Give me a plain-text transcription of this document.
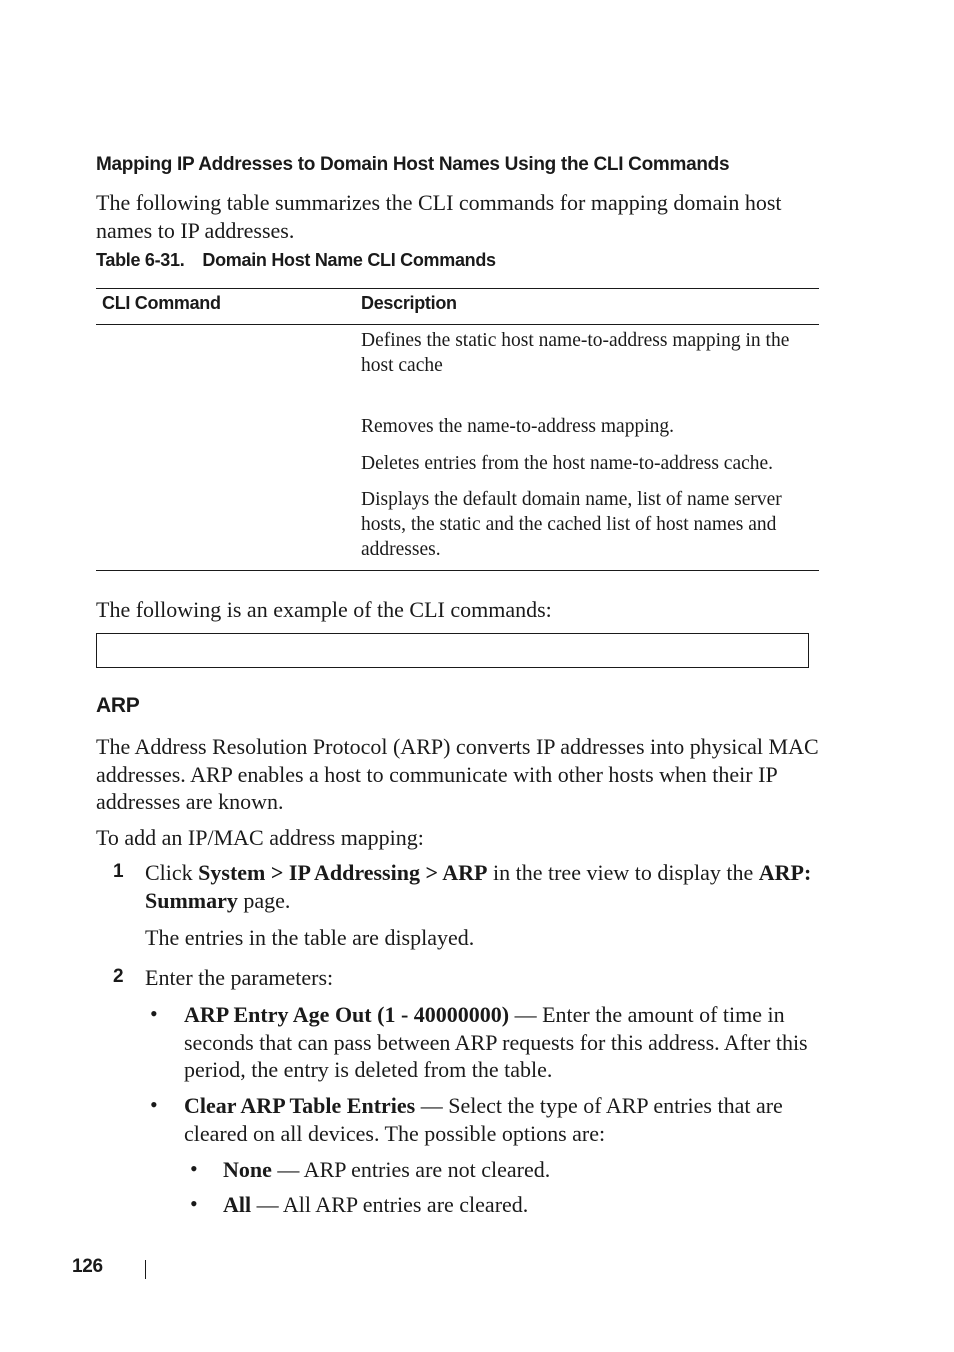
Mapping IP Addresses to Domain Host Names Using the CLI Commands
The following table summarizes the CLI commands for mapping domain host names to IP addresses.
Table 6-31. Domain Host Name CLI Commands
CLI Command	Description
Defines the static host name-to-address mapping in the host cache
Removes the name-to-address mapping.
Deletes entries from the host name-to-address cache.
Displays the default domain name, list of name server hosts, the static and the cached list of host names and addresses.
The following is an example of the CLI commands:
ARP
The Address Resolution Protocol (ARP) converts IP addresses into physical MAC addresses. ARP enables a host to communicate with other hosts when their IP addresses are known.
To add an IP/MAC address mapping:
1 Click System > IP Addressing > ARP in the tree view to display the ARP: Summary page.
The entries in the table are displayed.
2 Enter the parameters:
• ARP Entry Age Out (1 - 40000000) — Enter the amount of time in seconds that can pass between ARP requests for this address. After this period, the entry is deleted from the table.
• Clear ARP Table Entries — Select the type of ARP entries that are cleared on all devices. The possible options are:
• None — ARP entries are not cleared.
• All — All ARP entries are cleared.
126
